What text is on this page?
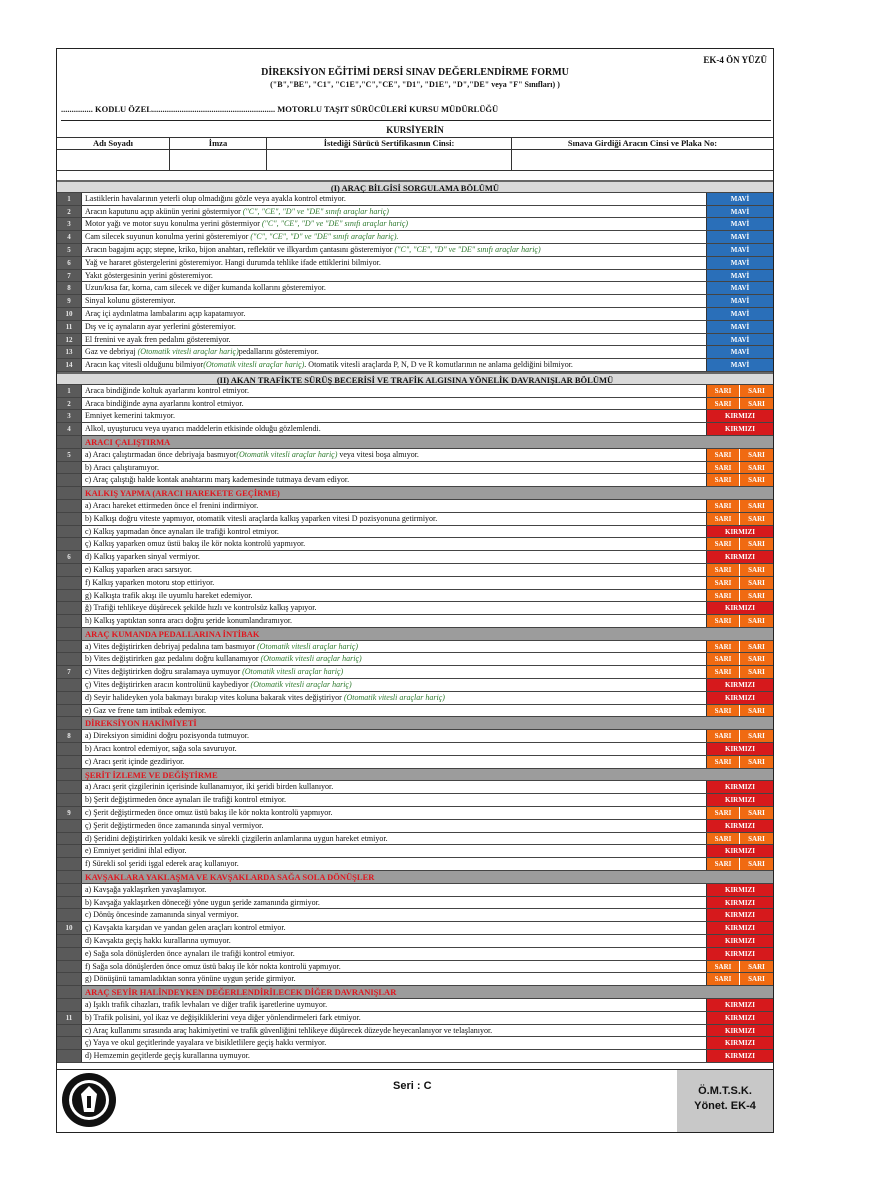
EK-4 ÖN YÜZÜ
DİREKSİYON EĞİTİMİ DERSİ SINAV DEĞERLENDİRME FORMU
("B","BE", "C1", "C1E","C","CE", "D1", "D1E", "D","DE" veya "F" Sınıfları) )
............... KODLU ÖZEL.......................................................... MOTORLU TAŞIT SÜRÜCÜLERİ KURSU MÜDÜRLÜĞÜ
KURSİYERİN
Adı Soyadı	İmza	İstediği Sürücü Sertifikasının Cinsi:	Sınava Girdiği Aracın Cinsi ve Plaka No:
(I) ARAÇ BİLGİSİ SORGULAMA BÖLÜMÜ
1	Lastiklerin havalarının yeterli olup olmadığını gözle veya ayakla kontrol etmiyor.	MAVİ
2	Aracın kaputunu açıp akünün yerini göstermiyor ("C", "CE", "D" ve "DE" sınıfı araçlar hariç)	MAVİ
3	Motor yağı ve motor suyu konulma yerini göstermiyor ("C", "CE", "D" ve "DE" sınıfı araçlar hariç)	MAVİ
4	Cam silecek suyunun konulma yerini gösteremiyor ("C", "CE", "D" ve "DE" sınıfı araçlar hariç).	MAVİ
5	Aracın bagajını açıp; stepne, kriko, bijon anahtarı, reflektör ve ilkyardım çantasını gösteremiyor ("C", "CE", "D" ve "DE" sınıfı araçlar hariç)	MAVİ
6	Yağ ve hararet göstergelerini gösteremiyor. Hangi durumda tehlike ifade ettiklerini bilmiyor.	MAVİ
7	Yakıt göstergesinin yerini gösteremiyor.	MAVİ
8	Uzun/kısa far, korna, cam silecek ve diğer kumanda kollarını gösteremiyor.	MAVİ
9	Sinyal kolunu gösteremiyor.	MAVİ
10	Araç içi aydınlatma lambalarını açıp kapatamıyor.	MAVİ
11	Dış ve iç aynaların ayar yerlerini gösteremiyor.	MAVİ
12	El frenini ve ayak fren pedalını gösteremiyor.	MAVİ
13	Gaz ve debriyaj (Otomatik vitesli araçlar hariç)pedallarını gösteremiyor.	MAVİ
14	Aracın kaç vitesli olduğunu bilmiyor(Otomatik vitesli araçlar hariç). Otomatik vitesli araçlarda P, N, D ve R komutlarının ne anlama geldiğini bilmiyor.	MAVİ
(II) AKAN TRAFİKTE SÜRÜŞ BECERİSİ VE TRAFİK ALGISINA YÖNELİK DAVRANIŞLAR BÖLÜMÜ
1	Araca bindiğinde koltuk ayarlarını kontrol etmiyor.	SARI	SARI
2	Araca bindiğinde ayna ayarlarını kontrol etmiyor.	SARI	SARI
3	Emniyet kemerini takmıyor.	KIRMIZI
4	Alkol, uyuşturucu veya uyarıcı maddelerin etkisinde olduğu gözlemlendi.	KIRMIZI
ARACI ÇALIŞTIRMA
5	a) Aracı çalıştırmadan önce debriyaja basmıyor(Otomatik vitesli araçlar hariç) veya vitesi boşa almıyor.	SARI	SARI
b) Aracı çalıştıramıyor.	SARI	SARI
c) Araç çalıştığı halde kontak anahtarını marş kademesinde tutmaya devam ediyor.	SARI	SARI
KALKIŞ YAPMA (ARACI HAREKETE GEÇİRME)
a) Aracı hareket ettirmeden önce el frenini indirmiyor.	SARI	SARI
b) Kalkışı doğru viteste yapmıyor, otomatik vitesli araçlarda kalkış yaparken vitesi D pozisyonuna getirmiyor.	SARI	SARI
c) Kalkış yapmadan önce aynaları ile trafiği kontrol etmiyor.	KIRMIZI
ç) Kalkış yaparken omuz üstü bakış ile kör nokta kontrolü yapmıyor.	SARI	SARI
6	d) Kalkış yaparken sinyal vermiyor.	KIRMIZI
e) Kalkış yaparken aracı sarsıyor.	SARI	SARI
f) Kalkış yaparken motoru stop ettiriyor.	SARI	SARI
g) Kalkışta trafik akışı ile uyumlu hareket edemiyor.	SARI	SARI
ğ) Trafiği tehlikeye düşürecek şekilde hızlı ve kontrolsüz kalkış yapıyor.	KIRMIZI
h) Kalkış yaptıktan sonra aracı doğru şeride konumlandıramıyor.	SARI	SARI
ARAÇ KUMANDA PEDALLARINA İNTİBAK
a) Vites değiştirirken debriyaj pedalına tam basmıyor (Otomatik vitesli araçlar hariç)	SARI	SARI
b) Vites değiştirirken gaz pedalını doğru kullanamıyor (Otomatik vitesli araçlar hariç)	SARI	SARI
7	c) Vites değiştirirken doğru sıralamaya uymuyor (Otomatik vitesli araçlar hariç)	SARI	SARI
ç) Vites değiştirirken aracın kontrolünü kaybediyor (Otomatik vitesli araçlar hariç)	KIRMIZI
d) Seyir halideyken yola bakmayı bırakıp vites koluna bakarak vites değiştiriyor (Otomatik vitesli araçlar hariç)	KIRMIZI
e) Gaz ve frene tam intibak edemiyor.	SARI	SARI
DİREKSİYON HAKİMİYETİ
8	a) Direksiyon simidini doğru pozisyonda tutmuyor.	SARI	SARI
b) Aracı kontrol edemiyor, sağa sola savuruyor.	KIRMIZI
c) Aracı şerit içinde gezdiriyor.	SARI	SARI
ŞERİT İZLEME VE DEĞİŞTİRME
a) Aracı şerit çizgilerinin içerisinde kullanamıyor, iki şeridi birden kullanıyor.	KIRMIZI
b) Şerit değiştirmeden önce aynaları ile trafiği kontrol etmiyor.	KIRMIZI
9	c) Şerit değiştirmeden önce omuz üstü bakış ile kör nokta kontrolü yapmıyor.	SARI	SARI
ç) Şerit değiştirmeden önce zamanında sinyal vermiyor.	KIRMIZI
d) Şeridini değiştirirken yoldaki kesik ve sürekli çizgilerin anlamlarına uygun hareket etmiyor.	SARI	SARI
e) Emniyet şeridini ihlal ediyor.	KIRMIZI
f) Sürekli sol şeridi işgal ederek araç kullanıyor.	SARI	SARI
KAVŞAKLARA YAKLAŞMA VE KAVŞAKLARDA SAĞA SOLA DÖNÜŞLER
a) Kavşağa yaklaşırken yavaşlamıyor.	KIRMIZI
b) Kavşağa yaklaşırken döneceği yöne uygun şeride zamanında girmiyor.	KIRMIZI
c) Dönüş öncesinde zamanında sinyal vermiyor.	KIRMIZI
10	ç) Kavşakta karşıdan ve yandan gelen araçları kontrol etmiyor.	KIRMIZI
d) Kavşakta geçiş hakkı kurallarına uymuyor.	KIRMIZI
e) Sağa sola dönüşlerden önce aynaları ile trafiği kontrol etmiyor.	KIRMIZI
f) Sağa sola dönüşlerden önce omuz üstü bakış ile kör nokta kontrolü yapmıyor.	SARI	SARI
g) Dönüşünü tamamladıktan sonra yönüne uygun şeride girmiyor.	SARI	SARI
ARAÇ SEYİR HALİNDEYKEN DEĞERLENDİRİLECEK DİĞER DAVRANIŞLAR
a) Işıklı trafik cihazları, trafik levhaları ve diğer trafik işaretlerine uymuyor.	KIRMIZI
11	b) Trafik polisini, yol ikaz ve değişikliklerini veya diğer yönlendirmeleri fark etmiyor.	KIRMIZI
c) Araç kullanımı sırasında araç hakimiyetini ve trafik güvenliğini tehlikeye düşürecek düzeyde heyecanlanıyor ve telaşlanıyor.	KIRMIZI
ç) Yaya ve okul geçitlerinde yayalara ve bisikletlilere geçiş hakkı vermiyor.	KIRMIZI
d) Hemzemin geçitlerde geçiş kurallarına uymuyor.	KIRMIZI
Seri : C	Ö.M.T.S.K.
Yönet. EK-4
